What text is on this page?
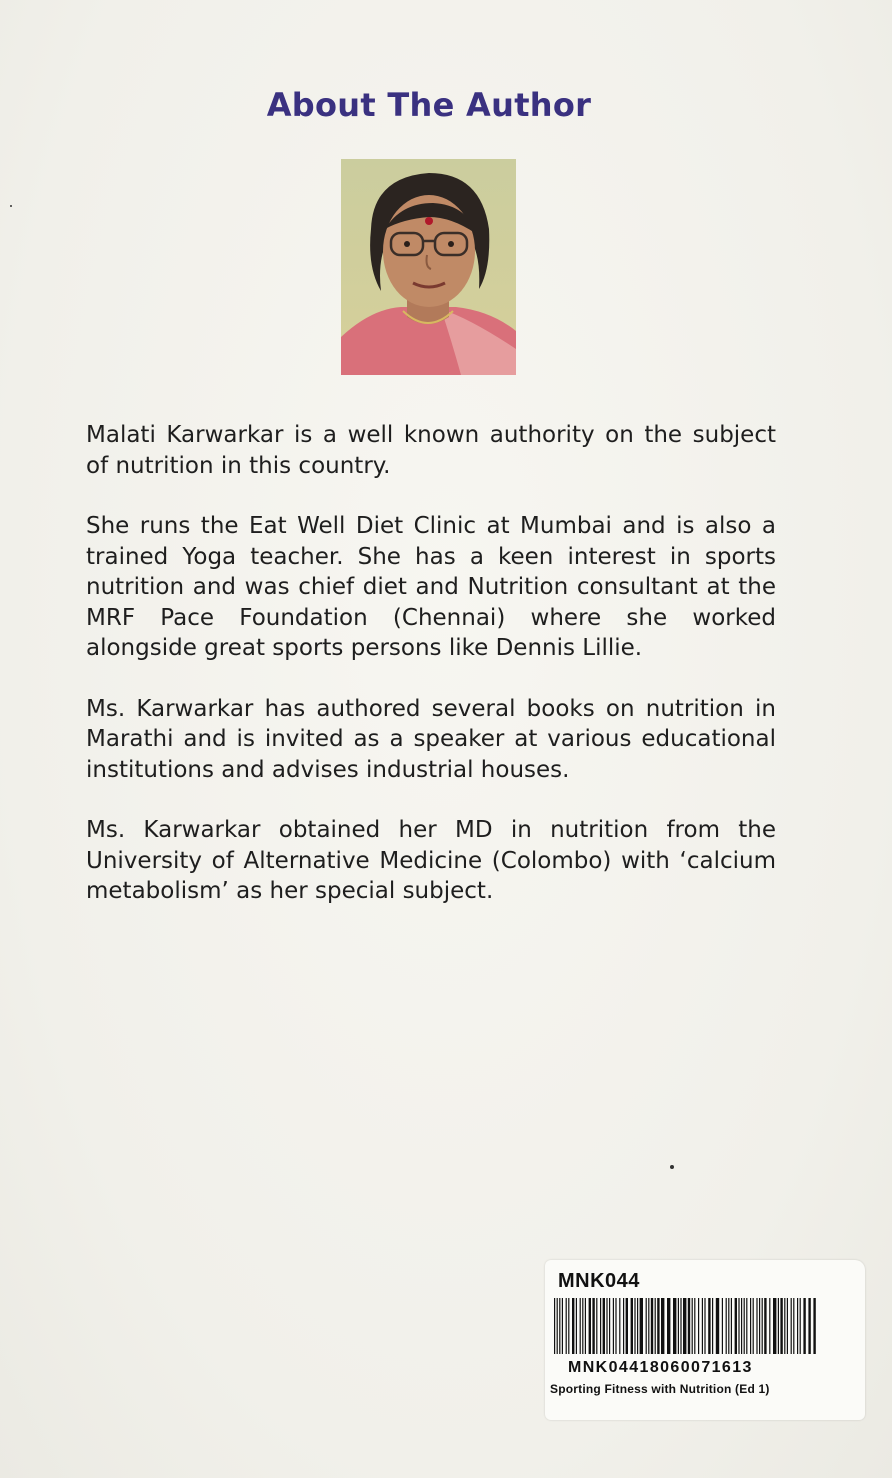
About The Author

Malati Karwarkar is a well known authority on the subject of nutrition in this country.

She runs the Eat Well Diet Clinic at Mumbai and is also a trained Yoga teacher. She has a keen interest in sports nutrition and was chief diet and Nutrition consultant at the MRF Pace Foundation (Chennai) where she worked alongside great sports persons like Dennis Lillie.

Ms. Karwarkar has authored several books on nutrition in Marathi and is invited as a speaker at various educational institutions and advises industrial houses.

Ms. Karwarkar obtained her MD in nutrition from the University of Alternative Medicine (Colombo) with ‘calcium metabolism’ as her special subject.

MNK044
MNK04418060071613
Sporting Fitness with Nutrition (Ed 1)
